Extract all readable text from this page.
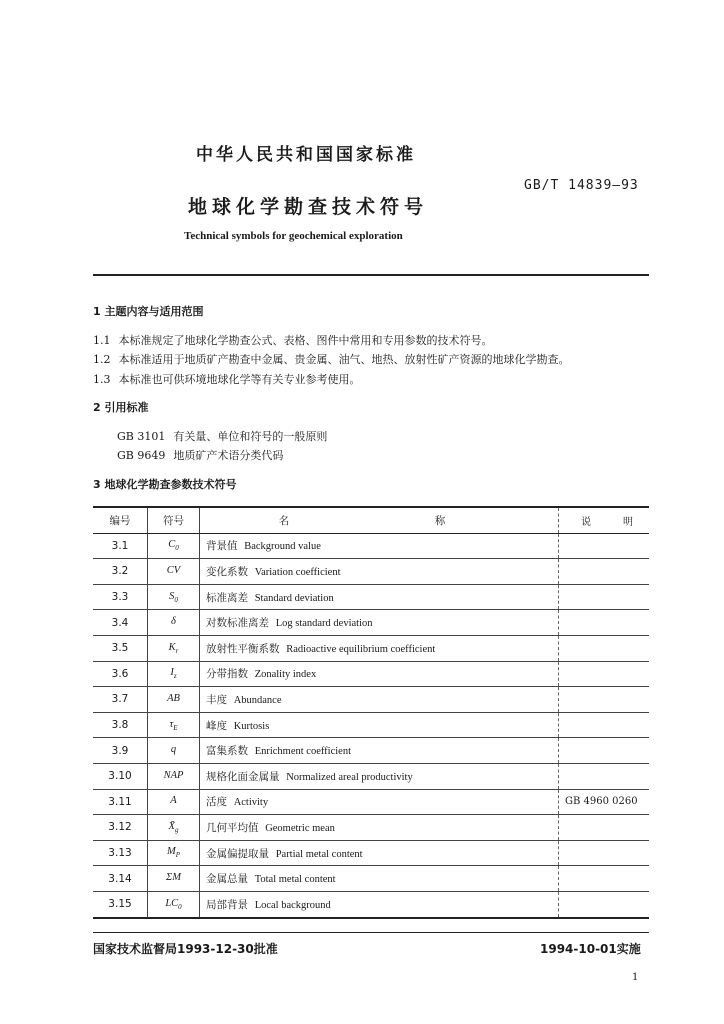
中华人民共和国国家标准
GB/T 14839—93
地球化学勘查技术符号
Technical symbols for geochemical exploration
1 主题内容与适用范围
1.1 本标准规定了地球化学勘查公式、表格、图件中常用和专用参数的技术符号。
1.2 本标准适用于地质矿产勘查中金属、贵金属、油气、地热、放射性矿产资源的地球化学勘查。
1.3 本标准也可供环境地球化学等有关专业参考使用。
2 引用标准
GB 3101 有关量、单位和符号的一般原则
GB 9649 地质矿产术语分类代码
3 地球化学勘查参数技术符号
编号	符号	名 称	说 明

3.1	$C_0$	背景值 Background value	
3.2	CV	变化系数 Variation coefficient	
3.3	$S_0$	标准离差 Standard deviation	
3.4	δ	对数标准离差 Log standard deviation	
3.5	$K_r$	放射性平衡系数 Radioactive equilibrium coefficient	
3.6	$I_z$	分带指数 Zonality index	
3.7	AB	丰度 Abundance	
3.8	$\tau_E$	峰度 Kurtosis	
3.9	q	富集系数 Enrichment coefficient	
3.10	NAP	规格化面金属量 Normalized areal productivity	
3.11	A	活度 Activity	GB 4960 0260
3.12	$X̄_g$	几何平均值 Geometric mean	
3.13	$M_P$	金属偏提取量 Partial metal content	
3.14	ΣM	金属总量 Total metal content	
3.15	$LC_0$	局部背景 Local background	
国家技术监督局1993-12-30批准	1994-10-01实施
1
